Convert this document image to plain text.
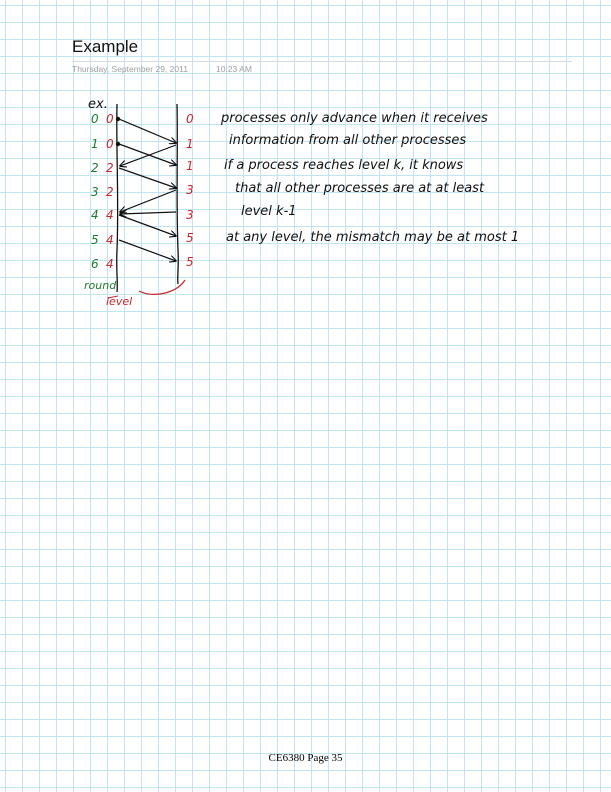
Example
Thursday, September 29, 2011	10:23 AM
ex.
0
1
2
3
4
5
6
0
0
2
2
4
4
4
0
1
1
3
3
5
5
round
level
processes only advance when it receives
information from all other processes
if a process reaches level k, it knows
that all other processes are at at least
level k-1
at any level, the mismatch may be at most 1
CE6380 Page 35
